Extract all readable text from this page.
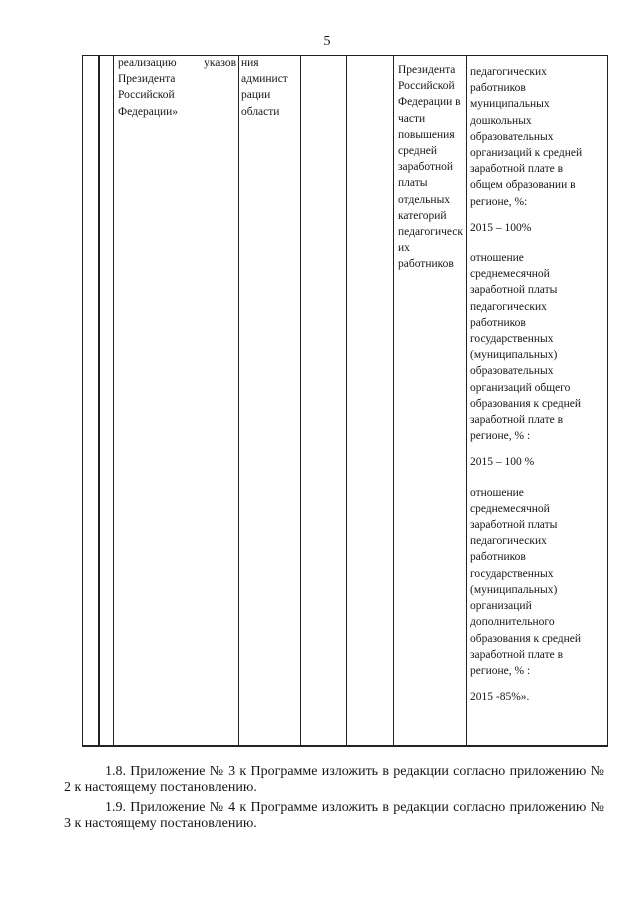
5

реализацию указов

Президента

Российской

Федерации»

ния

админист

рации

области

Президента

Российской

Федерации в

части

повышения

средней

заработной

платы

отдельных

категорий

педагогическ

их

работников

педагогических

работников

муниципальных

дошкольных

образовательных

организаций к средней

заработной плате в

общем образовании в

регионе, %:

2015 – 100%

отношение

среднемесячной

заработной платы

педагогических

работников

государственных

(муниципальных)

образовательных

организаций общего

образования к средней

заработной плате в

регионе, % :

2015 – 100 %

отношение

среднемесячной

заработной платы

педагогических

работников

государственных

(муниципальных)

организаций

дополнительного

образования к средней

заработной плате в

регионе, % :

2015 -85%».

1.8. Приложение № 3 к Программе изложить в редакции согласно приложению № 2 к настоящему постановлению.
1.9. Приложение № 4 к Программе изложить в редакции согласно приложению № 3 к настоящему постановлению.
